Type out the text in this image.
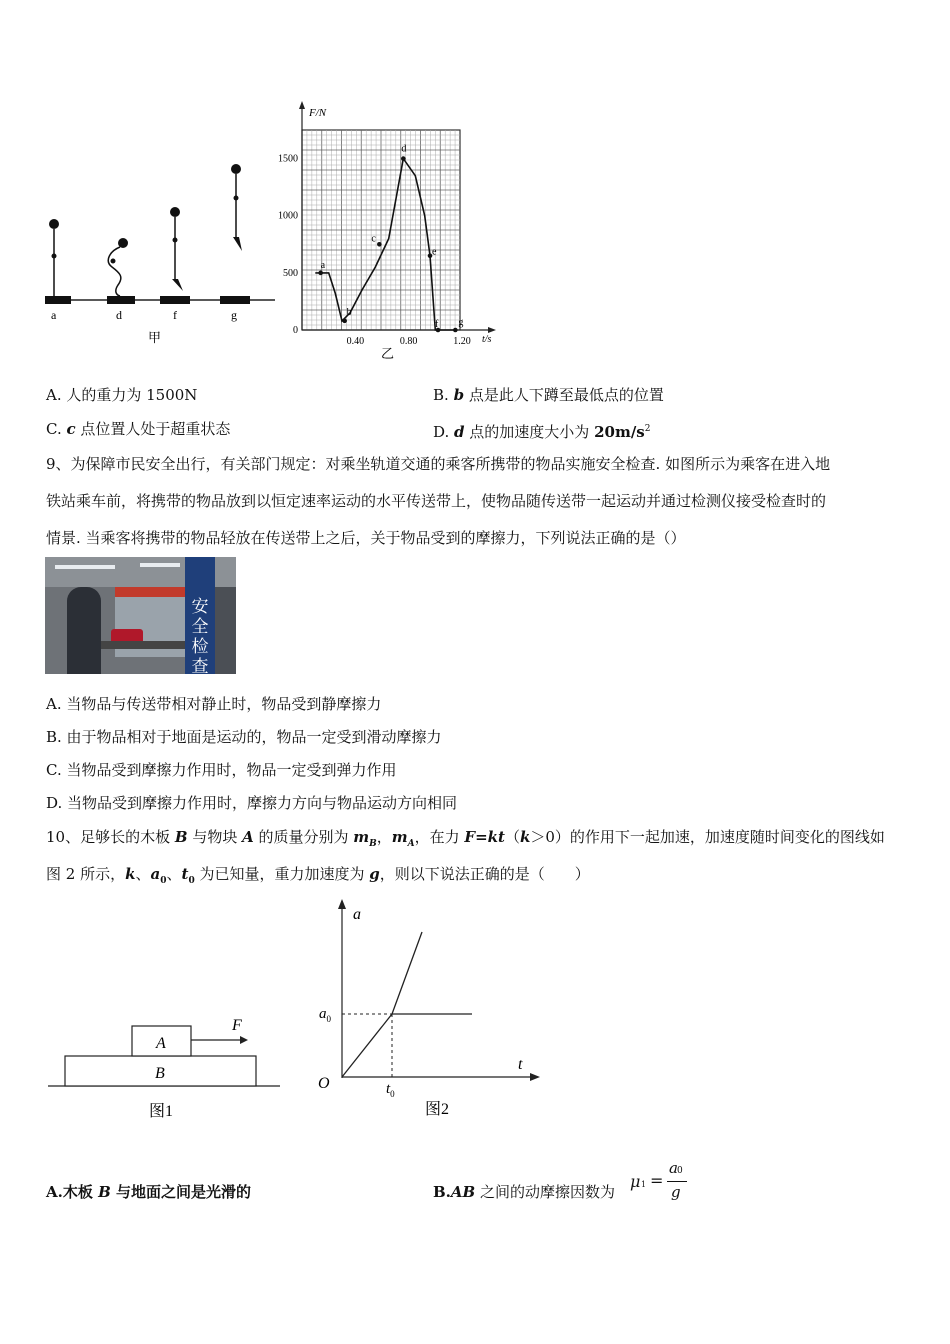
a	d	f	g
甲	0
500
1000
1500
0.40	0.80	1.20
a
b
c
d
e
f g
F/N
t/s
乙
A. 人的重力为 1500N	B. b 点是此人下蹲至最低点的位置
C. c 点位置人处于超重状态	D. d 点的加速度大小为 $20m/s^2$
9、为保障市民安全出行，有关部门规定：对乘坐轨道交通的乘客所携带的物品实施安全检查. 如图所示为乘客在进入地
铁站乘车前，将携带的物品放到以恒定速率运动的水平传送带上，使物品随传送带一起运动并通过检测仪接受检查时的
情景. 当乘客将携带的物品轻放在传送带上之后，关于物品受到的摩擦力，下列说法正确的是（）
安全检查
A. 当物品与传送带相对静止时，物品受到静摩擦力
B. 由于物品相对于地面是运动的，物品一定受到滑动摩擦力
C. 当物品受到摩擦力作用时，物品一定受到弹力作用
D. 当物品受到摩擦力作用时，摩擦力方向与物品运动方向相同
10、足够长的木板 B 与物块 A 的质量分别为 $m_B$，$m_A$，在力 F=kt（k＞0）的作用下一起加速，加速度随时间变化的图线如
图 2 所示，k、$a_0$、$t_0$ 为已知量，重力加速度为 g，则以下说法正确的是（　　）
A
B
F
图1
a
t
O
$a_0$
$t_0$
图2
A.木板 B 与地面之间是光滑的	B.AB 之间的动摩擦因数为
μ 1 =
a 0
g
